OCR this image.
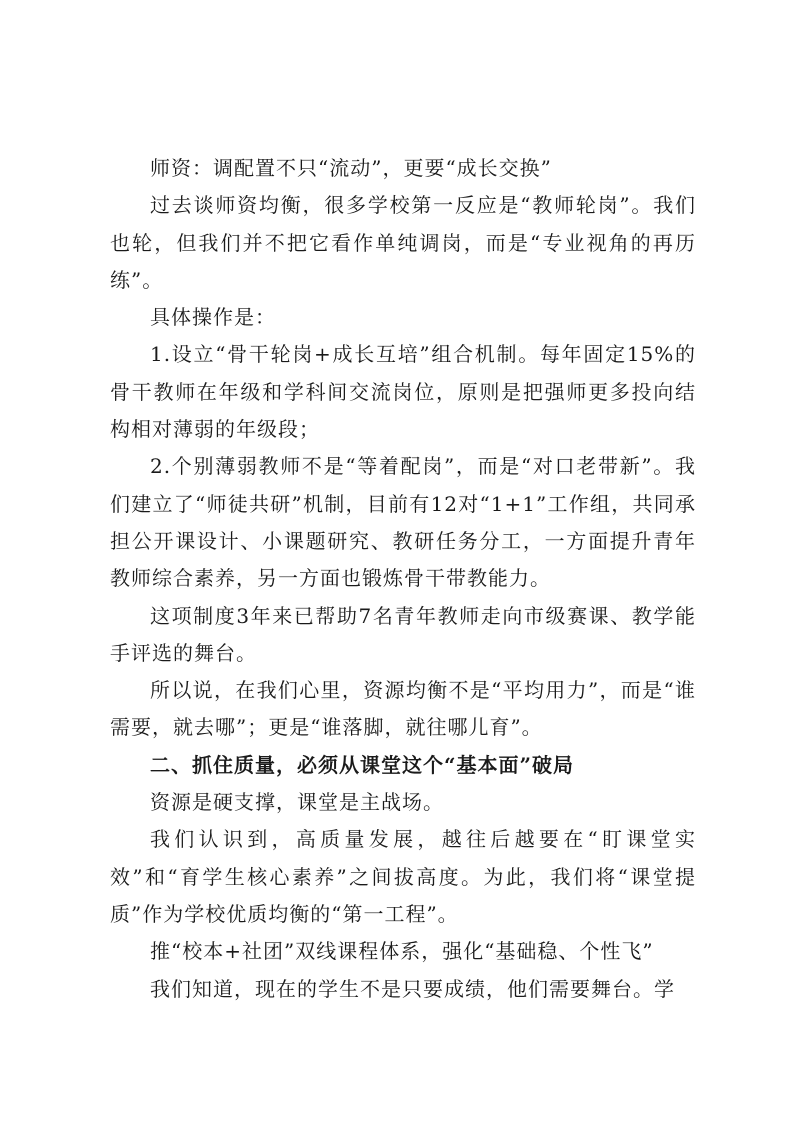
师资：调配置不只“流动”，更要“成长交换”

过去谈师资均衡，很多学校第一反应是“教师轮岗”。我们也轮，但我们并不把它看作单纯调岗，而是“专业视角的再历练”。

具体操作是：

1.设立“骨干轮岗+成长互培”组合机制。每年固定15%的骨干教师在年级和学科间交流岗位，原则是把强师更多投向结构相对薄弱的年级段；

2.个别薄弱教师不是“等着配岗”，而是“对口老带新”。我们建立了“师徒共研”机制，目前有12对“1+1”工作组，共同承担公开课设计、小课题研究、教研任务分工，一方面提升青年教师综合素养，另一方面也锻炼骨干带教能力。

这项制度3年来已帮助7名青年教师走向市级赛课、教学能手评选的舞台。

所以说，在我们心里，资源均衡不是“平均用力”，而是“谁需要，就去哪”；更是“谁落脚，就往哪儿育”。

二、抓住质量，必须从课堂这个“基本面”破局

资源是硬支撑，课堂是主战场。

我们认识到，高质量发展，越往后越要在“盯课堂实效”和“育学生核心素养”之间拔高度。为此，我们将“课堂提质”作为学校优质均衡的“第一工程”。

推“校本+社团”双线课程体系，强化“基础稳、个性飞”

我们知道，现在的学生不是只要成绩，他们需要舞台。学
